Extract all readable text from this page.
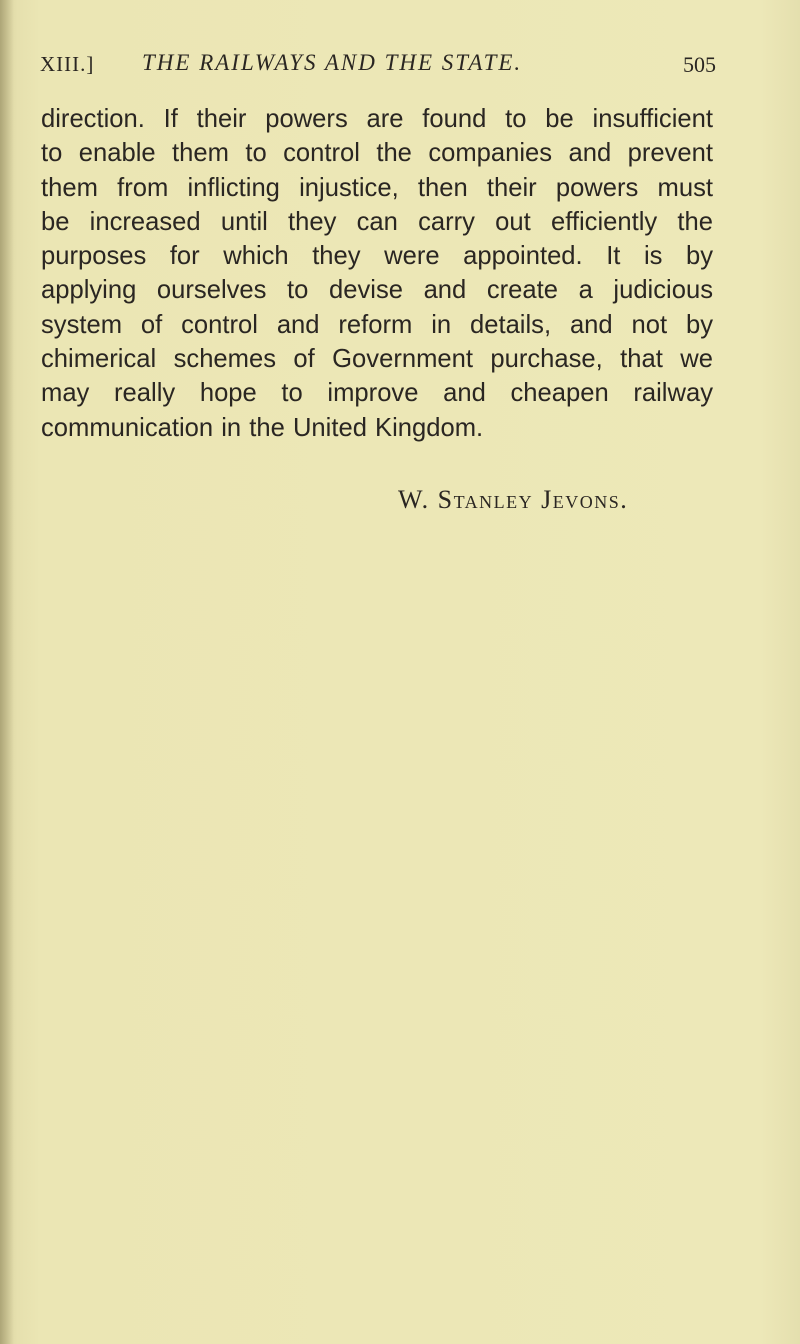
XIII.] THE RAILWAYS AND THE STATE.	505
direction. If their powers are found to be insufficient
to enable them to control the companies and prevent
them from inflicting injustice, then their powers must
be increased until they can carry out efficiently the
purposes for which they were appointed. It is by
applying ourselves to devise and create a judicious
system of control and reform in details, and not by
chimerical schemes of Government purchase, that we
may really hope to improve and cheapen railway
communication in the United Kingdom.
W. Stanley Jevons.
